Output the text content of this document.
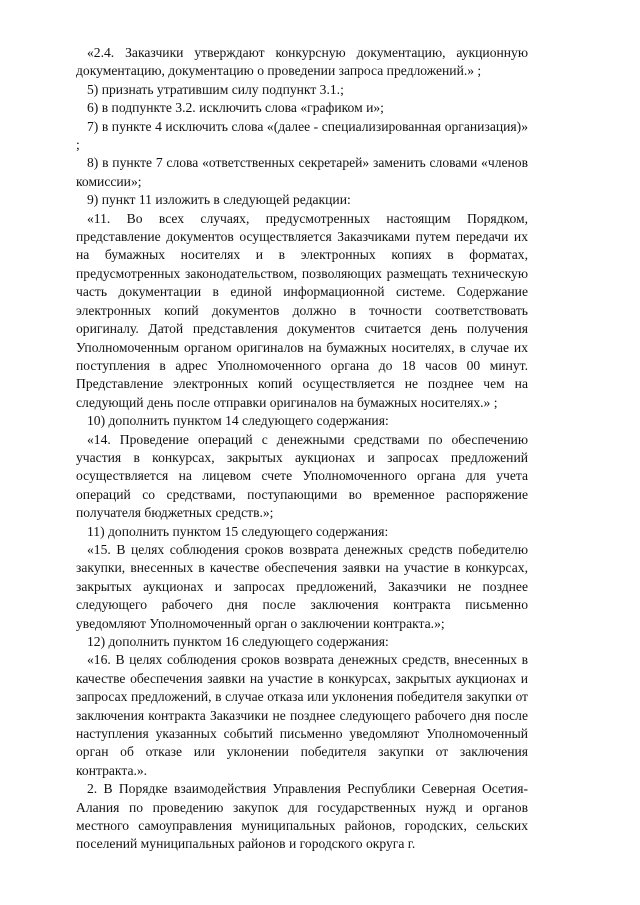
«2.4. Заказчики утверждают конкурсную документацию, аукционную документацию, документацию о проведении запроса предложений.» ;

5) признать утратившим силу подпункт 3.1.;

6) в подпункте 3.2. исключить слова «графиком и»;

7) в пункте 4 исключить слова «(далее - специализированная организация)» ;

8) в пункте 7 слова «ответственных секретарей» заменить словами «членов комиссии»;

9) пункт 11 изложить в следующей редакции:

«11. Во всех случаях, предусмотренных настоящим Порядком, представление документов осуществляется Заказчиками путем передачи их на бумажных носителях и в электронных копиях в форматах, предусмотренных законодательством, позволяющих размещать техническую часть документации в единой информационной системе. Содержание электронных копий документов должно в точности соответствовать оригиналу. Датой представления документов считается день получения Уполномоченным органом оригиналов на бумажных носителях, в случае их поступления в адрес Уполномоченного органа до 18 часов 00 минут. Представление электронных копий осуществляется не позднее чем на следующий день после отправки оригиналов на бумажных носителях.» ;

10) дополнить пунктом 14 следующего содержания:

«14. Проведение операций с денежными средствами по обеспечению участия в конкурсах, закрытых аукционах и запросах предложений осуществляется на лицевом счете Уполномоченного органа для учета операций со средствами, поступающими во временное распоряжение получателя бюджетных средств.»;

11) дополнить пунктом 15 следующего содержания:

«15. В целях соблюдения сроков возврата денежных средств победителю закупки, внесенных в качестве обеспечения заявки на участие в конкурсах, закрытых аукционах и запросах предложений, Заказчики не позднее следующего рабочего дня после заключения контракта письменно уведомляют Уполномоченный орган о заключении контракта.»;

12) дополнить пунктом 16 следующего содержания:

«16. В целях соблюдения сроков возврата денежных средств, внесенных в качестве обеспечения заявки на участие в конкурсах, закрытых аукционах и запросах предложений, в случае отказа или уклонения победителя закупки от заключения контракта Заказчики не позднее следующего рабочего дня после наступления указанных событий письменно уведомляют Уполномоченный орган об отказе или уклонении победителя закупки от заключения контракта.».

2. В Порядке взаимодействия Управления Республики Северная Осетия-Алания по проведению закупок для государственных нужд и органов местного самоуправления муниципальных районов, городских, сельских поселений муниципальных районов и городского округа г.
